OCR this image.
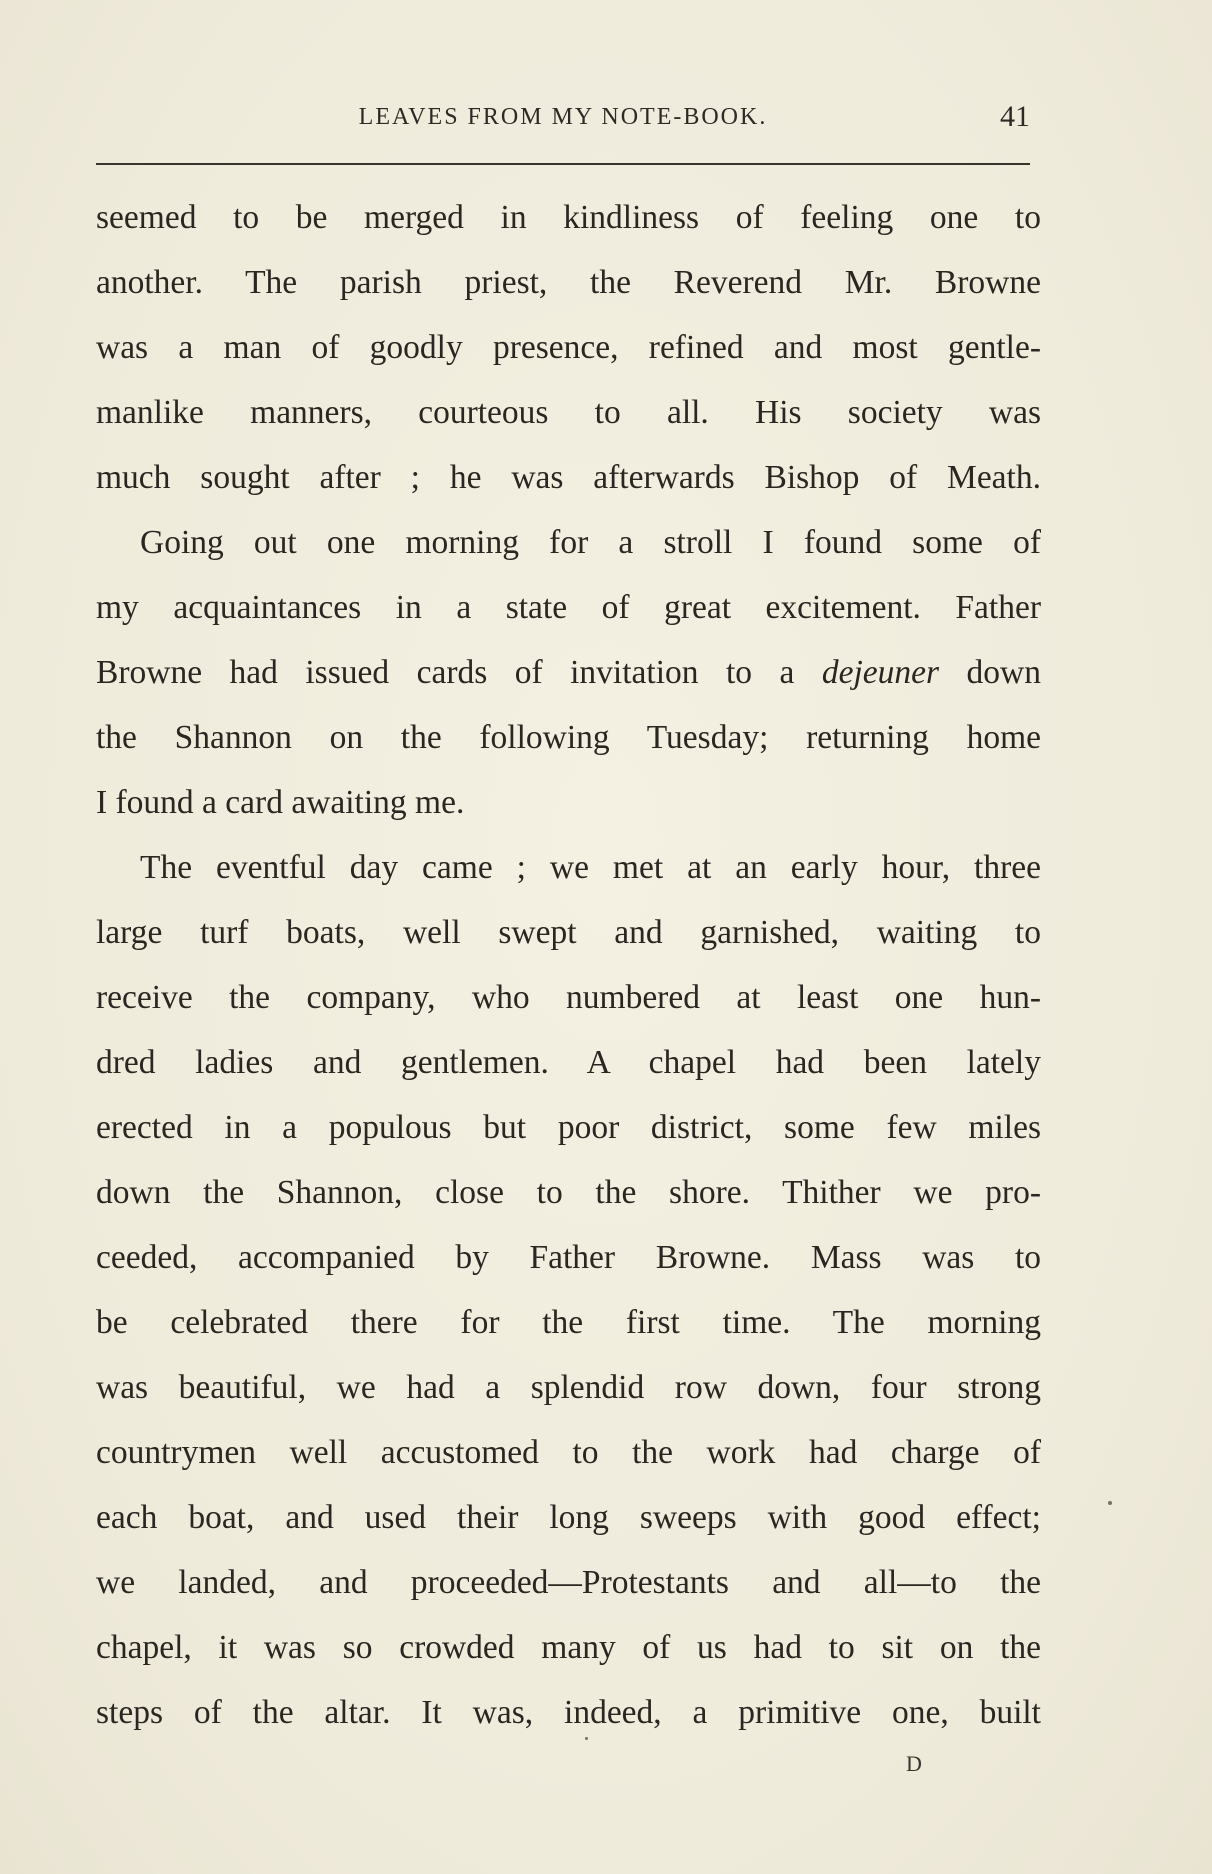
LEAVES FROM MY NOTE-BOOK.	41
seemed to be merged in kindliness of feeling one to
another. The parish priest, the Reverend Mr. Browne
was a man of goodly presence, refined and most gentle-
manlike manners, courteous to all. His society was
much sought after ; he was afterwards Bishop of Meath.
Going out one morning for a stroll I found some of
my acquaintances in a state of great excitement. Father
Browne had issued cards of invitation to a dejeuner down
the Shannon on the following Tuesday; returning home
I found a card awaiting me.
The eventful day came ; we met at an early hour, three
large turf boats, well swept and garnished, waiting to
receive the company, who numbered at least one hun-
dred ladies and gentlemen. A chapel had been lately
erected in a populous but poor district, some few miles
down the Shannon, close to the shore. Thither we pro-
ceeded, accompanied by Father Browne. Mass was to
be celebrated there for the first time. The morning
was beautiful, we had a splendid row down, four strong
countrymen well accustomed to the work had charge of
each boat, and used their long sweeps with good effect;
we landed, and proceeded—Protestants and all—to the
chapel, it was so crowded many of us had to sit on the
steps of the altar. It was, indeed, a primitive one, built
D
